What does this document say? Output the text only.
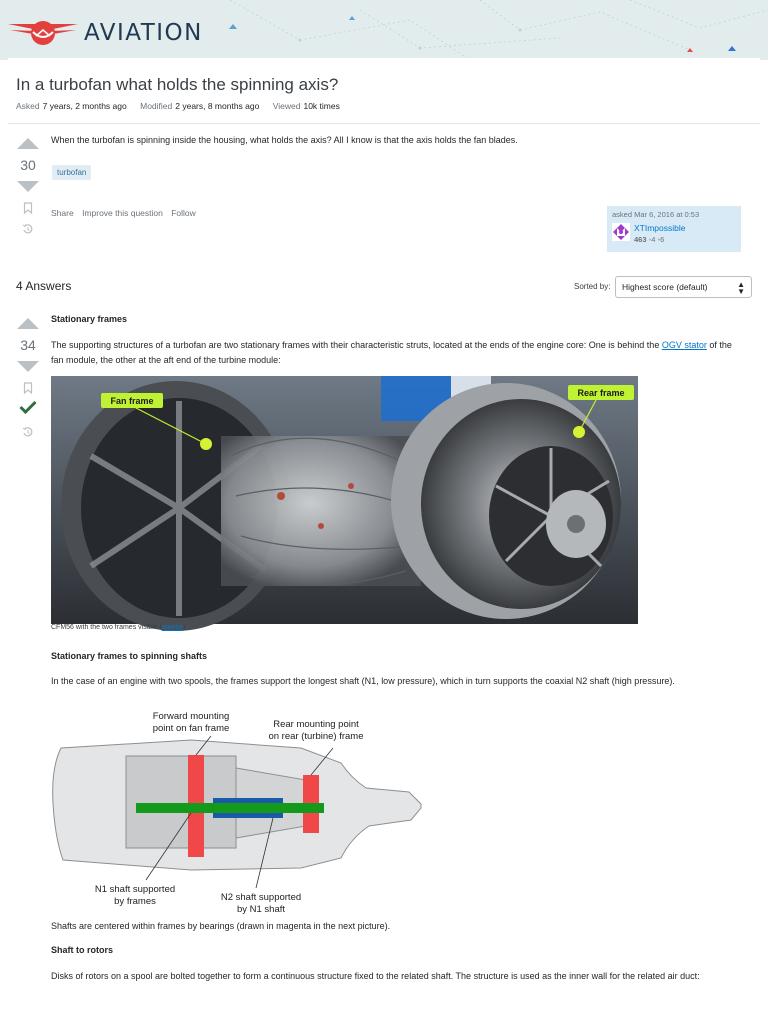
AVIATION
In a turbofan what holds the spinning axis?
Asked 7 years, 2 months ago Modified 2 years, 8 months ago Viewed 10k times
30
When the turbofan is spinning inside the housing, what holds the axis? All I know is that the axis holds the fan blades.
turbofan
Share Improve this question Follow	asked Mar 6, 2016 at 0:53
XTImpossible
463 •4 •6
4 Answers	Sorted by:	Highest score (default)	▲
▼
34
Stationary frames
The supporting structures of a turbofan are two stationary frames with their characteristic struts, located at the ends of the engine core: One is behind the OGV stator of the fan module, the other at the aft end of the turbine module:
Fan frame
Rear frame
CFM56 with the two frames visible (source)
Stationary frames to spinning shafts
In the case of an engine with two spools, the frames support the longest shaft (N1, low pressure), which in turn supports the coaxial N2 shaft (high pressure).
Forward mounting
point on fan frame	Rear mounting point
on rear (turbine) frame
N1 shaft supported
by frames	N2 shaft supported
by N1 shaft
Shafts are centered within frames by bearings (drawn in magenta in the next picture).
Shaft to rotors
Disks of rotors on a spool are bolted together to form a continuous structure fixed to the related shaft. The structure is used as the inner wall for the related air duct:
